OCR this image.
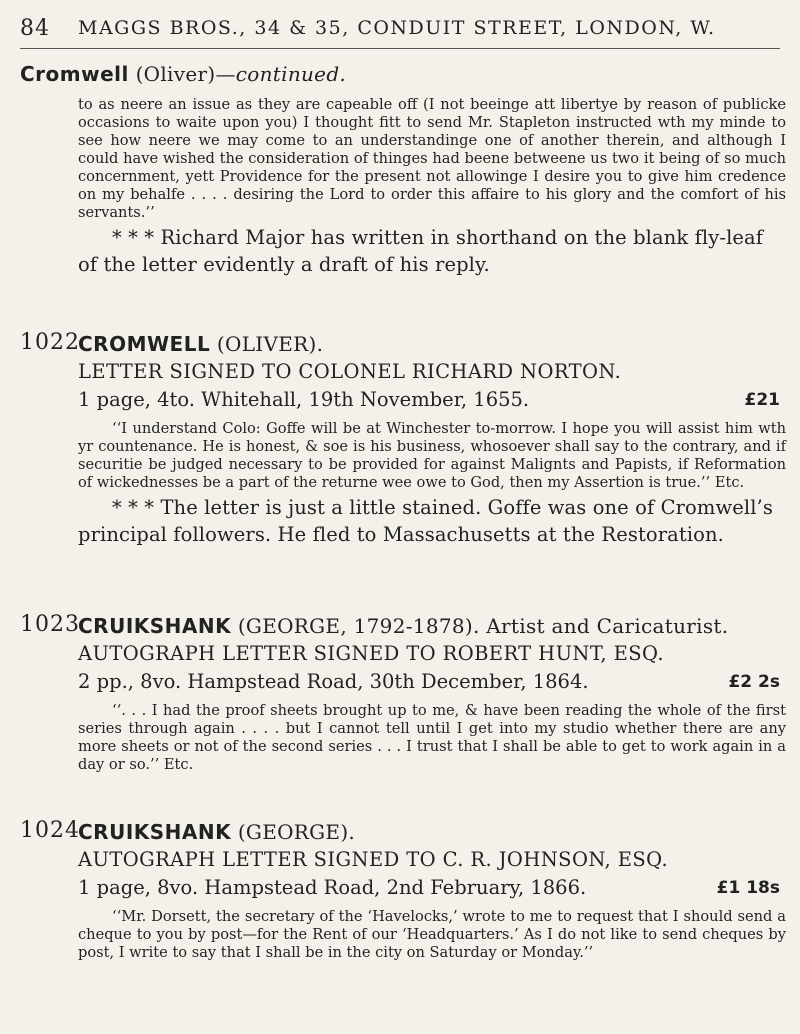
84 MAGGS BROS., 34 & 35, CONDUIT STREET, LONDON, W.
Cromwell (Oliver)—continued.

to as neere an issue as they are capeable off (I not beeinge att libertye by reason of publicke occasions to waite upon you) I thought fitt to send Mr. Stapleton instructed wth my minde to see how neere we may come to an understandinge one of another therein, and although I could have wished the consideration of thinges had beene betweene us two it being of so much concernment, yett Providence for the present not allowinge I desire you to give him credence on my behalfe . . . . desiring the Lord to order this affaire to his glory and the comfort of his servants.’’

* * * Richard Major has written in shorthand on the blank fly-leaf of the letter evidently a draft of his reply.

1022
CROMWELL (OLIVER).
LETTER SIGNED TO COLONEL RICHARD NORTON.
1 page, 4to. Whitehall, 19th November, 1655.	£21

‘‘I understand Colo: Goffe will be at Winchester to-morrow. I hope you will assist him wth yr countenance. He is honest, & soe is his business, whosoever shall say to the contrary, and if securitie be judged necessary to be provided for against Malignts and Papists, if Reformation of wickednesses be a part of the returne wee owe to God, then my Assertion is true.’’ Etc.

* * * The letter is just a little stained. Goffe was one of Cromwell’s principal followers. He fled to Massachusetts at the Restoration.

1023
CRUIKSHANK (GEORGE, 1792-1878). Artist and Caricaturist.
AUTOGRAPH LETTER SIGNED TO ROBERT HUNT, ESQ.
2 pp., 8vo. Hampstead Road, 30th December, 1864.	£2 2s

‘‘. . . I had the proof sheets brought up to me, & have been reading the whole of the first series through again . . . . but I cannot tell until I get into my studio whether there are any more sheets or not of the second series . . . I trust that I shall be able to get to work again in a day or so.’’ Etc.

1024
CRUIKSHANK (GEORGE).
AUTOGRAPH LETTER SIGNED TO C. R. JOHNSON, ESQ.
1 page, 8vo. Hampstead Road, 2nd February, 1866.	£1 18s

‘‘Mr. Dorsett, the secretary of the ‘Havelocks,’ wrote to me to request that I should send a cheque to you by post—for the Rent of our ‘Headquarters.’ As I do not like to send cheques by post, I write to say that I shall be in the city on Saturday or Monday.’’
